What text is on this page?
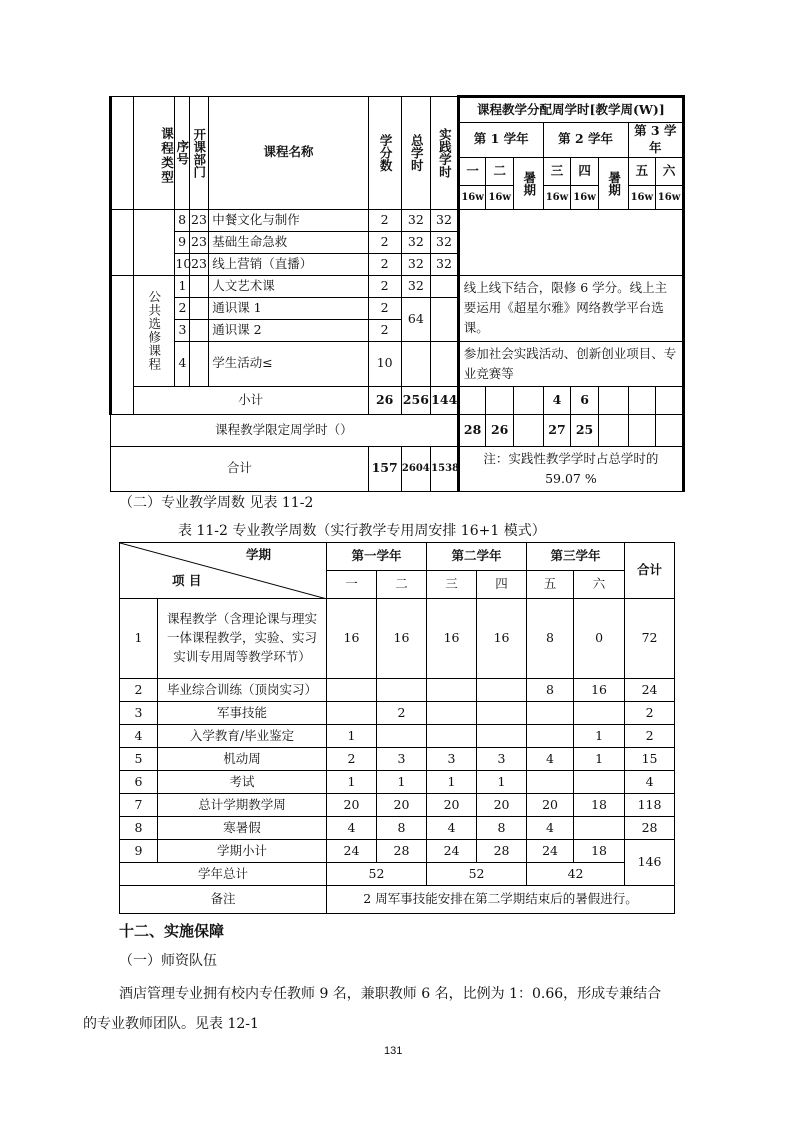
	课程类型	序号	开课部门	课程名称	学分数	总学时	实践学时	课程教学分配周学时[教学周(W)]							
								第 1 学年			第 2 学年			第 3 学年	
								一	二	暑期	三	四	暑期	五	六
								16w	16w		16w	16w		16w	16w
		8	23	中餐文化与制作	2	32	32								
		9	23	基础生命急救	2	32	32								
		10	23	线上营销（直播）	2	32	32								
	公共选修课程	1		人文艺术课	2	32		线上线下结合，限修 6 学分。线上主要运用《超星尔雅》网络教学平台选课。							
		2		通识课 1	2	64									
		3		通识课 2	2										
		4		学生活动≤	10			参加社会实践活动、创新创业项目、专业竞赛等							
	小计				26	256	144				4	6			
课程教学限定周学时（）								28	26		27	25			
合计					157	2604	1538	注：实践性教学学时占总学时的 59.07 %							
（二）专业教学周数 见表 11-2
表 11-2 专业教学周数（实行教学专用周安排 16+1 模式）
学期
项 目		第一学年		第二学年		第三学年		合计
		一	二	三	四	五	六	
1	课程教学（含理论课与理实一体课程教学，实验、实习实训专用周等教学环节）	16	16	16	16	8	0	72
2	毕业综合训练（顶岗实习）					8	16	24
3	军事技能		2					2
4	入学教育/毕业鉴定	1					1	2
5	机动周	2	3	3	3	4	1	15
6	考试	1	1	1	1			4
7	总计学期教学周	20	20	20	20	20	18	118
8	寒暑假	4	8	4	8	4		28
9	学期小计	24	28	24	28	24	18	146
学年总计		52		52		42		
备注		2 周军事技能安排在第二学期结束后的暑假进行。						
十二、实施保障
（一）师资队伍
酒店管理专业拥有校内专任教师 9 名，兼职教师 6 名，比例为 1：0.66，形成专兼结合
的专业教师团队。见表 12-1
131
